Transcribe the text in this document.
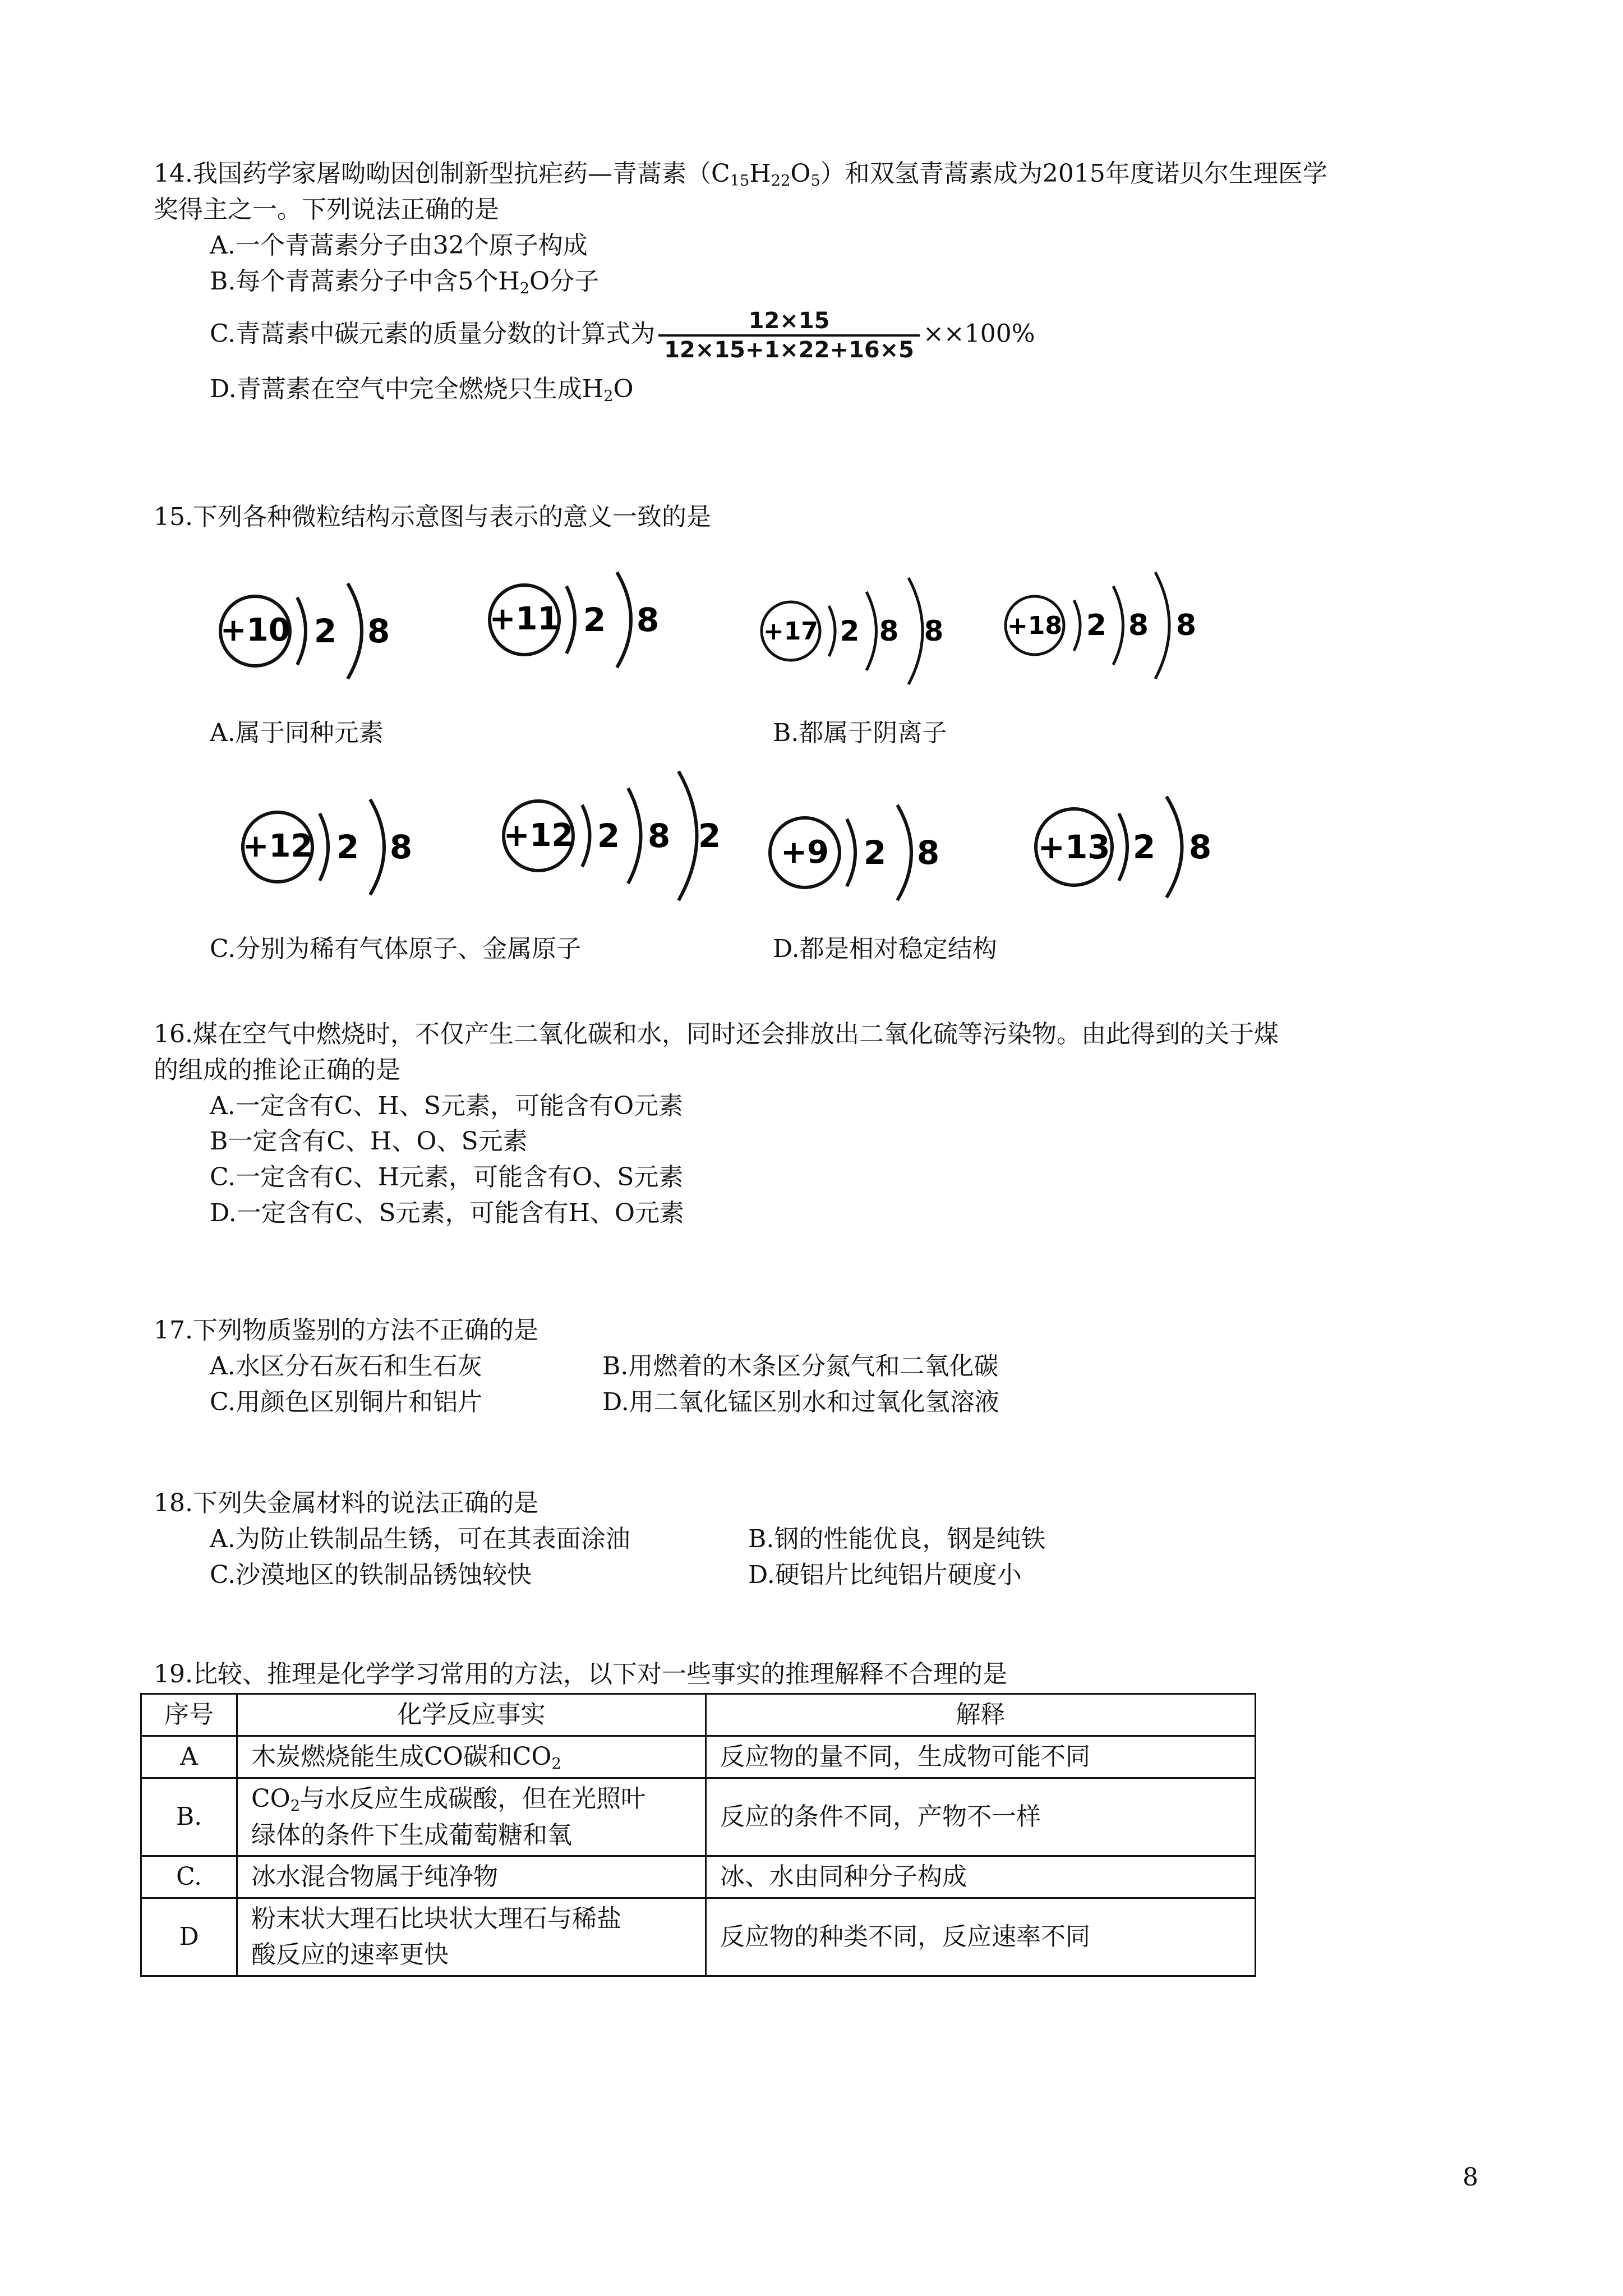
14.我国药学家屠呦呦因创制新型抗疟药—青蒿素$(C_{15}H_{22}O_5)$和双氢青蒿素成为2015年度诺贝尔生理医学

奖得主之一。下列说法正确的是

A.一个青蒿素分子由32个原子构成

B.每个青蒿素分子中含5个$H_2O$分子

C.青蒿素中碳元素的质量分数的计算式为 $\frac{12\times 15}{12\times 15+1\times 22+16\times 5} \times\times 100\%$

D.青蒿素在空气中完全燃烧只生成$H_2O$

15.下列各种微粒结构示意图与表示的意义一致的是

+10 2 8	+11 2 8	+17 2 8 8	+18 2 8 8
A.属于同种元素	B.都属于阴离子
+12 2 8	+12 2 8 2 +9 2 8	+13 2 8
C.分别为稀有气体原子、金属原子	D.都是相对稳定结构

16.煤在空气中燃烧时，不仅产生二氧化碳和水，同时还会排放出二氧化硫等污染物。由此得到的关于煤

的组成的推论正确的是

A.一定含有C、H、S元素，可能含有O元素

B一定含有C、H、O、S元素

C.一定含有C、H元素，可能含有O、S元素

D.一定含有C、S元素，可能含有H、O元素

17.下列物质鉴别的方法不正确的是

A.水区分石灰石和生石灰	B.用燃着的木条区分氮气和二氧化碳
C.用颜色区别铜片和铝片	D.用二氧化锰区别水和过氧化氢溶液

18.下列失金属材料的说法正确的是

A.为防止铁制品生锈，可在其表面涂油	B.钢的性能优良，钢是纯铁
C.沙漠地区的铁制品锈蚀较快	D.硬铝片比纯铝片硬度小

19.比较、推理是化学学习常用的方法，以下对一些事实的推理解释不合理的是

序号	化学反应事实	解释
A	木炭燃烧能生成CO碳和$CO_2$	反应物的量不同，生成物可能不同
B.	$CO_2$与水反应生成碳酸，但在光照叶
绿体的条件下生成葡萄糖和氧	反应的条件不同，产物不一样
C.	冰水混合物属于纯净物	冰、水由同种分子构成
D	粉末状大理石比块状大理石与稀盐
酸反应的速率更快	反应物的种类不同，反应速率不同
8
